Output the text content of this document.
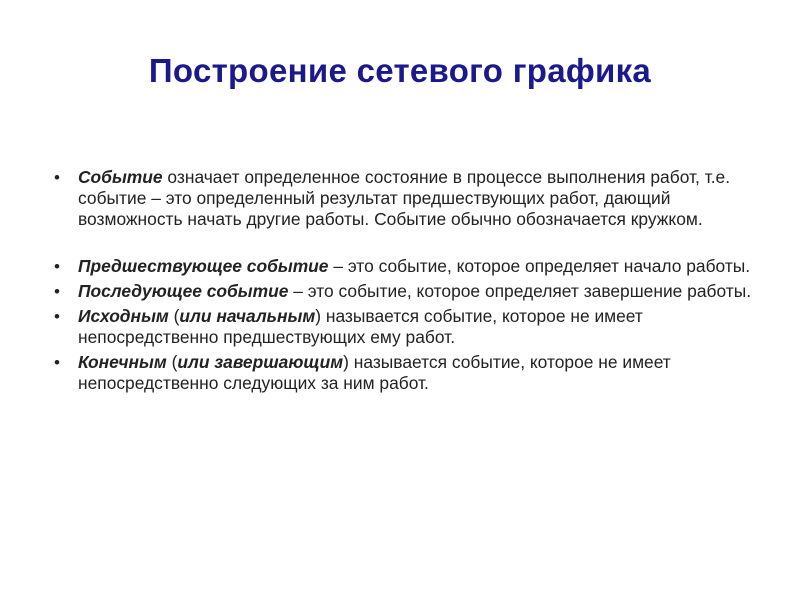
Построение сетевого графика
• Событие означает определенное состояние в процессе выполнения работ, т.е. событие – это определенный результат предшествующих работ, дающий возможность начать другие работы. Событие обычно обозначается кружком.
• Предшествующее событие – это событие, которое определяет начало работы.
• Последующее событие – это событие, которое определяет завершение работы.
• Исходным (или начальным) называется событие, которое не имеет непосредственно предшествующих ему работ.
• Конечным (или завершающим) называется событие, которое не имеет непосредственно следующих за ним работ.
